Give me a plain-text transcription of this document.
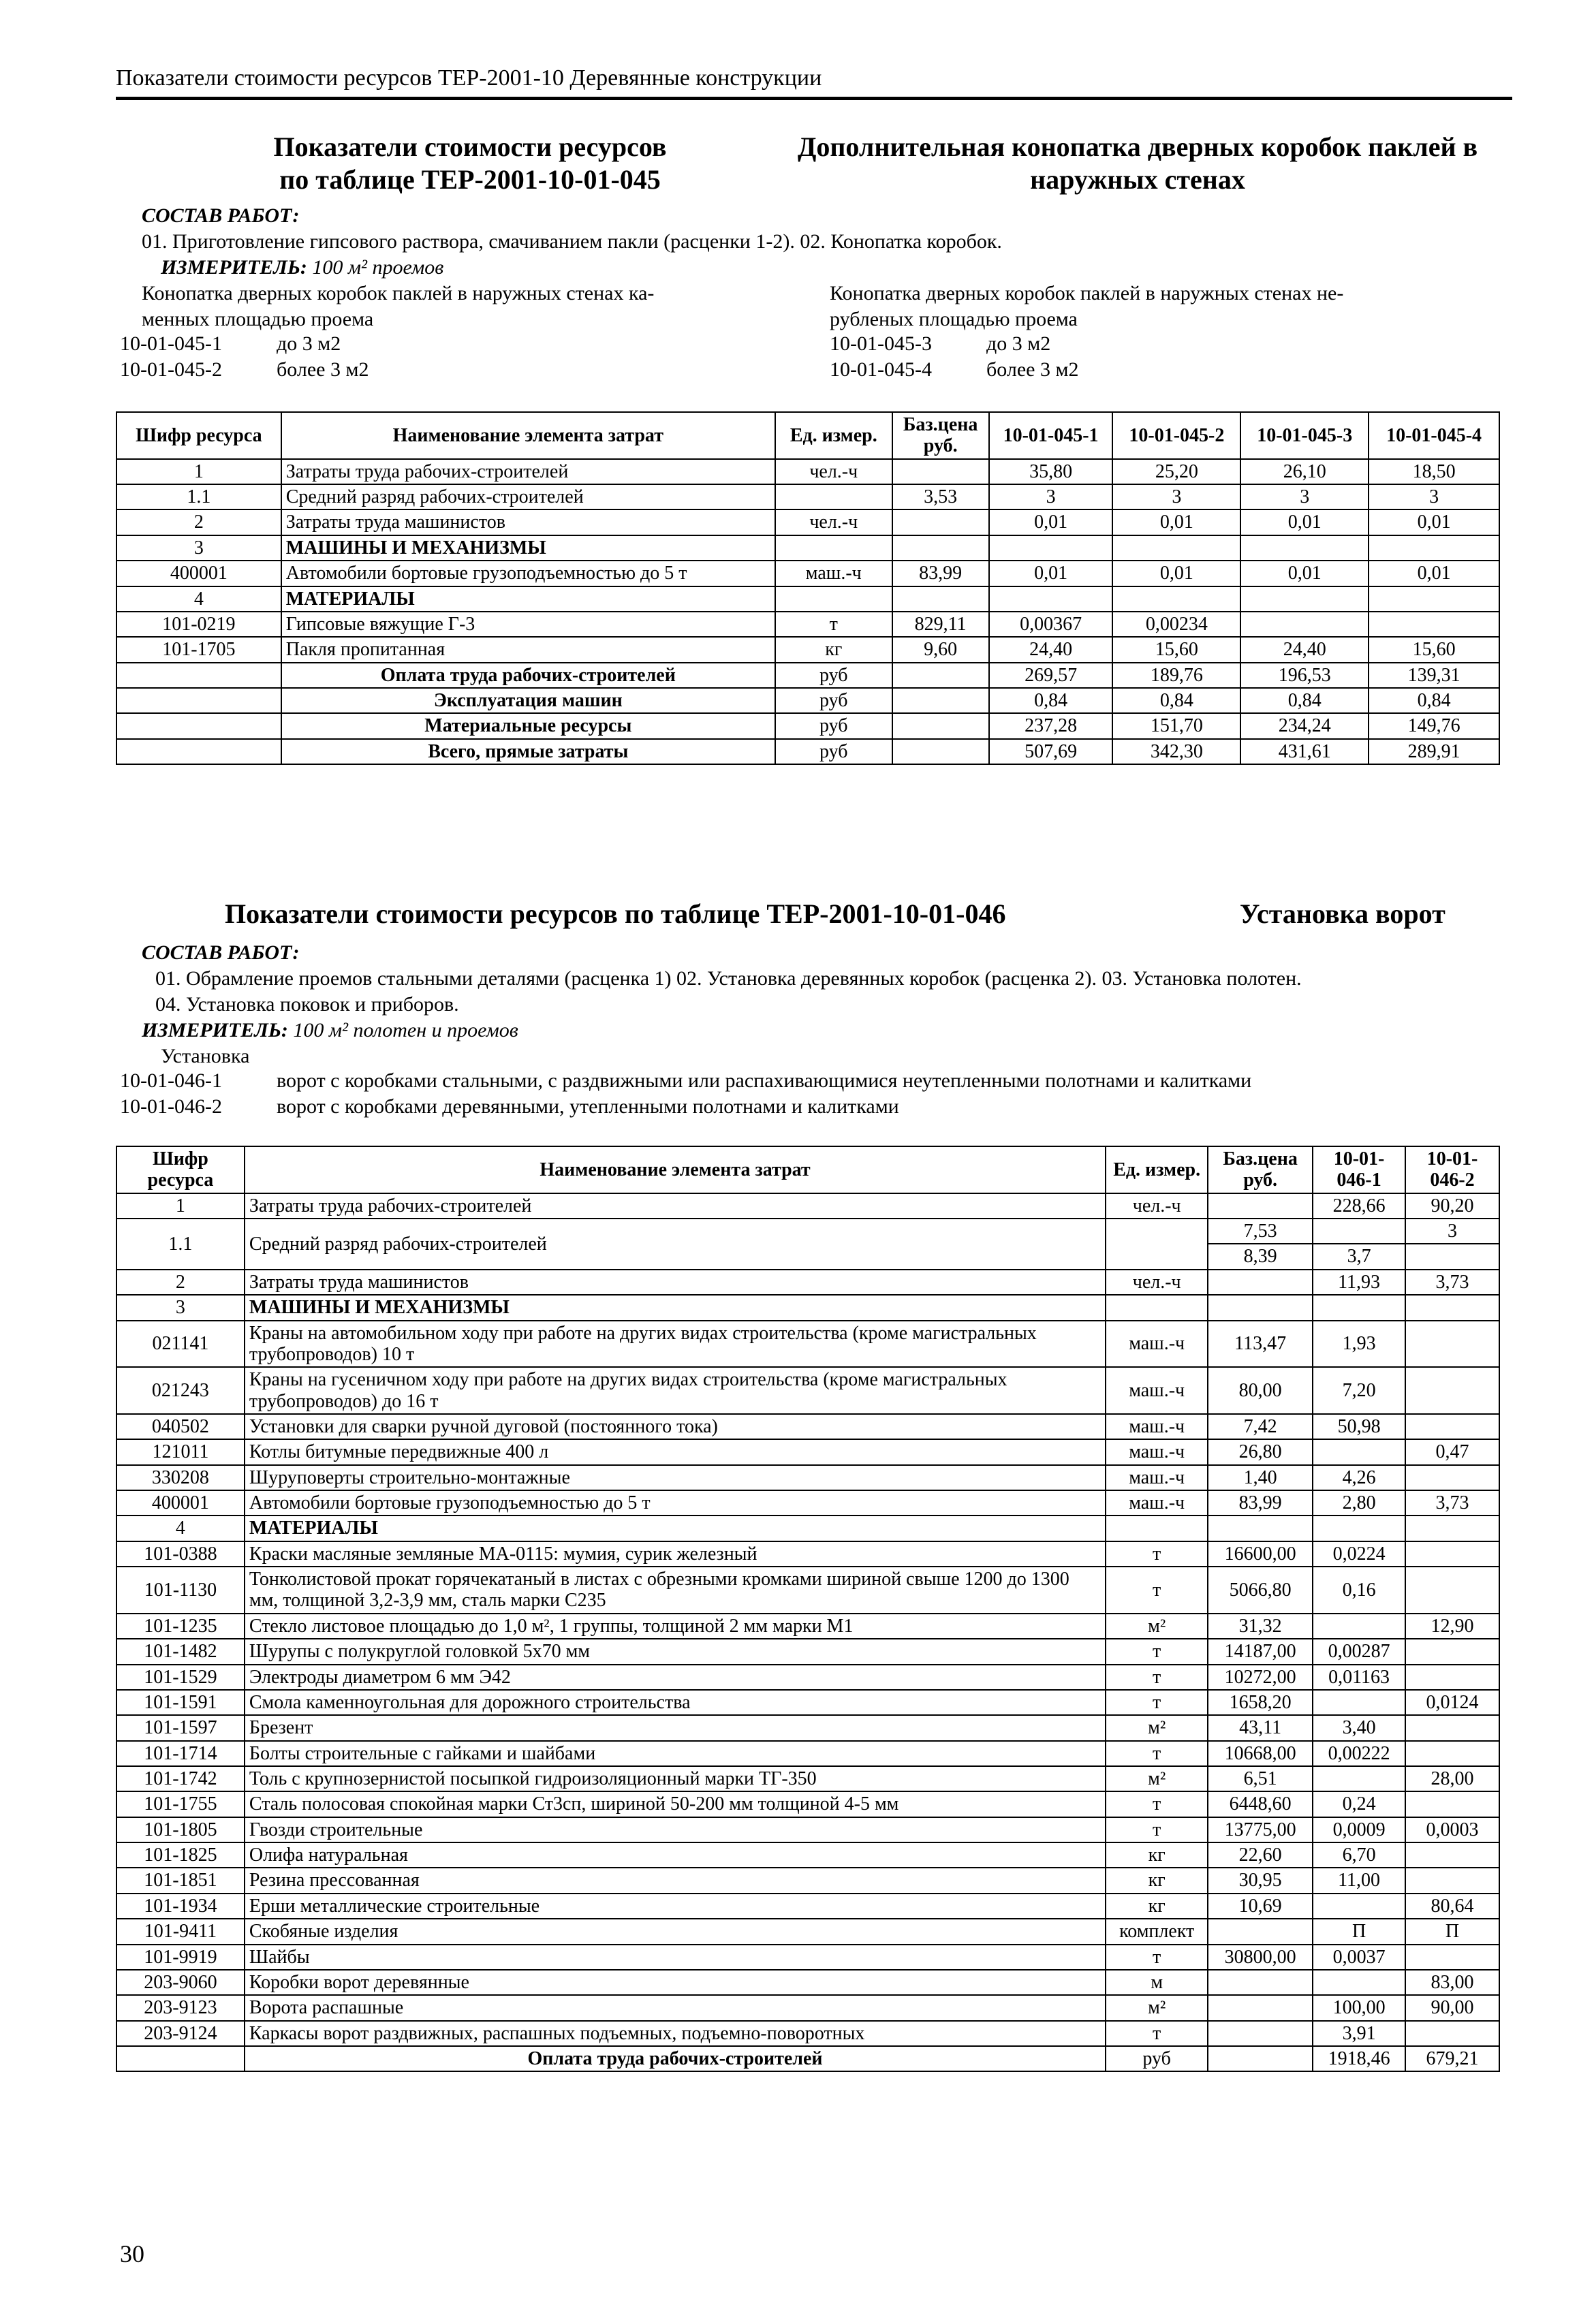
Показатели стоимости ресурсов ТЕР-2001-10 Деревянные конструкции
Показатели стоимости ресурсов
по таблице ТЕР-2001-10-01-045
Дополнительная конопатка дверных коробок паклей в
наружных стенах
СОСТАВ РАБОТ:
01. Приготовление гипсового раствора, смачиванием пакли (расценки 1-2). 02. Конопатка коробок.
ИЗМЕРИТЕЛЬ: 100 м² проемов
Конопатка дверных коробок паклей в наружных стенах ка-
менных площадью проема
Конопатка дверных коробок паклей в наружных стенах не-
рубленых площадью проема
10-01-045-1	до 3 м2
10-01-045-2	более 3 м2
10-01-045-3	до 3 м2
10-01-045-4	более 3 м2
Шифр ресурса	Наименование элемента затрат	Ед. измер.	Баз.цена руб.	10-01-045-1	10-01-045-2	10-01-045-3	10-01-045-4
1	Затраты труда рабочих-строителей	чел.-ч		35,80	25,20	26,10	18,50
1.1	Средний разряд рабочих-строителей		3,53	3	3	3	3
2	Затраты труда машинистов	чел.-ч		0,01	0,01	0,01	0,01
3	МАШИНЫ И МЕХАНИЗМЫ						
400001	Автомобили бортовые грузоподъемностью до 5 т	маш.-ч	83,99	0,01	0,01	0,01	0,01
4	МАТЕРИАЛЫ						
101-0219	Гипсовые вяжущие Г-3	т	829,11	0,00367	0,00234		
101-1705	Пакля пропитанная	кг	9,60	24,40	15,60	24,40	15,60
	Оплата труда рабочих-строителей	руб		269,57	189,76	196,53	139,31
	Эксплуатация машин	руб		0,84	0,84	0,84	0,84
	Материальные ресурсы	руб		237,28	151,70	234,24	149,76
	Всего, прямые затраты	руб		507,69	342,30	431,61	289,91
Показатели стоимости ресурсов по таблице ТЕР-2001-10-01-046	Установка ворот
СОСТАВ РАБОТ:
01. Обрамление проемов стальными деталями (расценка 1) 02. Установка деревянных коробок (расценка 2). 03. Установка полотен.
04. Установка поковок и приборов.
ИЗМЕРИТЕЛЬ: 100 м² полотен и проемов
Установка
10-01-046-1	ворот с коробками стальными, с раздвижными или распахивающимися неутепленными полотнами и калитками
10-01-046-2	ворот с коробками деревянными, утепленными полотнами и калитками
Шифр ресурса	Наименование элемента затрат	Ед. измер.	Баз.цена руб.	10-01-046-1	10-01-046-2
1	Затраты труда рабочих-строителей	чел.-ч		228,66	90,20
1.1	Средний разряд рабочих-строителей		7,53		3
			8,39	3,7	
2	Затраты труда машинистов	чел.-ч		11,93	3,73
3	МАШИНЫ И МЕХАНИЗМЫ				
021141	Краны на автомобильном ходу при работе на других видах строительства (кроме магистральных трубопроводов) 10 т	маш.-ч	113,47	1,93	
021243	Краны на гусеничном ходу при работе на других видах строительства (кроме магистральных трубопроводов) до 16 т	маш.-ч	80,00	7,20	
040502	Установки для сварки ручной дуговой (постоянного тока)	маш.-ч	7,42	50,98	
121011	Котлы битумные передвижные 400 л	маш.-ч	26,80		0,47
330208	Шуруповерты строительно-монтажные	маш.-ч	1,40	4,26	
400001	Автомобили бортовые грузоподъемностью до 5 т	маш.-ч	83,99	2,80	3,73
4	МАТЕРИАЛЫ				
101-0388	Краски масляные земляные МА-0115: мумия, сурик железный	т	16600,00	0,0224	
101-1130	Тонколистовой прокат горячекатаный в листах с обрезными кромками шириной свыше 1200 до 1300 мм, толщиной 3,2-3,9 мм, сталь марки С235	т	5066,80	0,16	
101-1235	Стекло листовое площадью до 1,0 м², 1 группы, толщиной 2 мм марки М1	м²	31,32		12,90
101-1482	Шурупы с полукруглой головкой 5х70 мм	т	14187,00	0,00287	
101-1529	Электроды диаметром 6 мм Э42	т	10272,00	0,01163	
101-1591	Смола каменноугольная для дорожного строительства	т	1658,20		0,0124
101-1597	Брезент	м²	43,11	3,40	
101-1714	Болты строительные с гайками и шайбами	т	10668,00	0,00222	
101-1742	Толь с крупнозернистой посыпкой гидроизоляционный марки ТГ-350	м²	6,51		28,00
101-1755	Сталь полосовая спокойная марки Ст3сп, шириной 50-200 мм толщиной 4-5 мм	т	6448,60	0,24	
101-1805	Гвозди строительные	т	13775,00	0,0009	0,0003
101-1825	Олифа натуральная	кг	22,60	6,70	
101-1851	Резина прессованная	кг	30,95	11,00	
101-1934	Ерши металлические строительные	кг	10,69		80,64
101-9411	Скобяные изделия	комплект		П	П
101-9919	Шайбы	т	30800,00	0,0037	
203-9060	Коробки ворот деревянные	м			83,00
203-9123	Ворота распашные	м²		100,00	90,00
203-9124	Каркасы ворот раздвижных, распашных подъемных, подъемно-поворотных	т		3,91	
	Оплата труда рабочих-строителей	руб		1918,46	679,21
30
